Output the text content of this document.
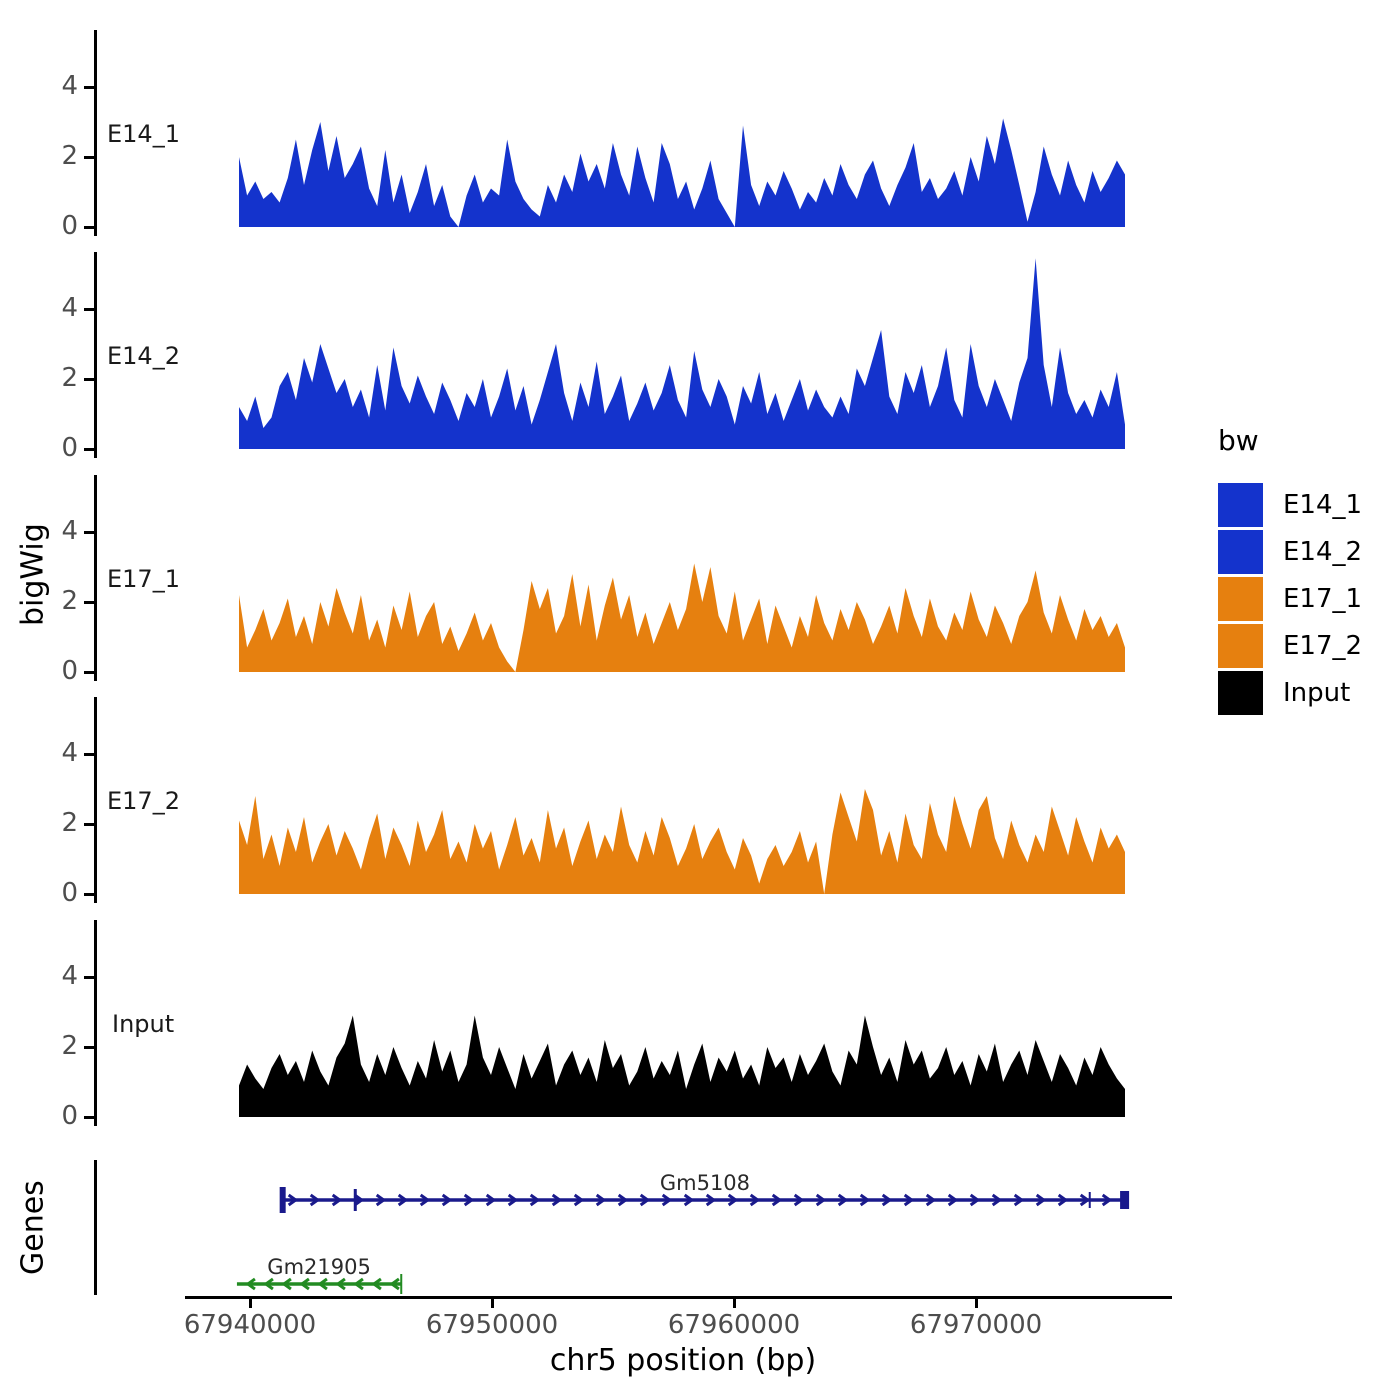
bigWig
Genes
0
2
4
E14_1
0
2
4
E14_2
0
2
4
E17_1
0
2
4
E17_2
0
2
4
Input
Gm5108
Gm21905
67940000	67950000	67960000	67970000
chr5 position (bp)
bw
E14_1
E14_2
E17_1
E17_2
Input
